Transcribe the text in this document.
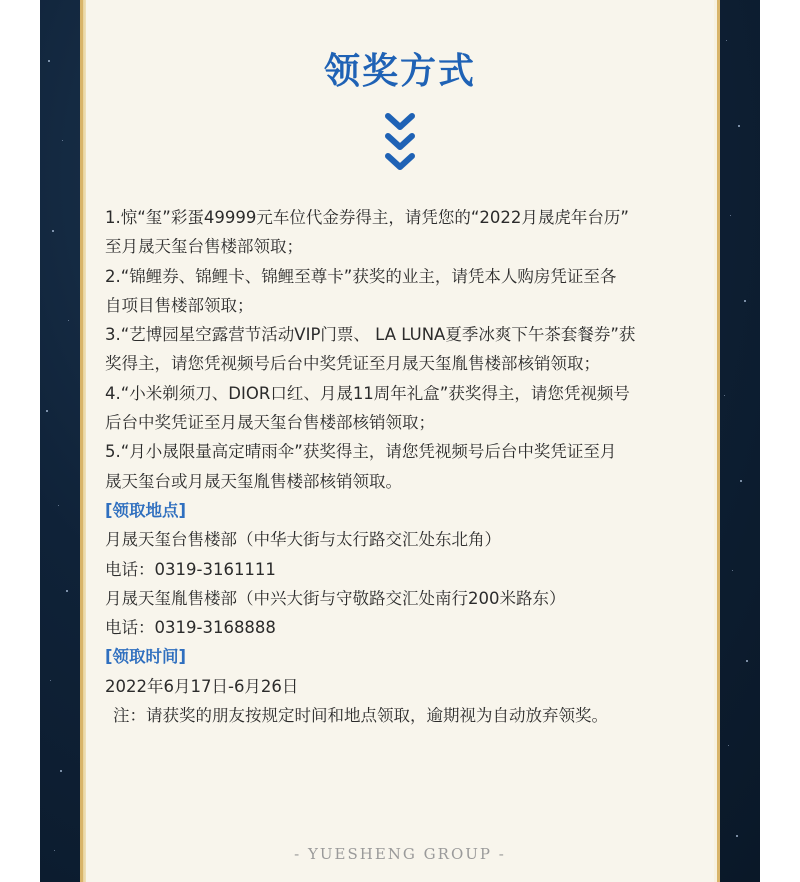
领奖方式
1.惊“玺”彩蛋49999元车位代金券得主，请凭您的“2022月晟虎年台历”
至月晟天玺台售楼部领取；
2.“锦鲤券、锦鲤卡、锦鲤至尊卡”获奖的业主，请凭本人购房凭证至各
自项目售楼部领取；
3.“艺博园星空露营节活动VIP门票、 LA LUNA夏季冰爽下午茶套餐券”获
奖得主，请您凭视频号后台中奖凭证至月晟天玺胤售楼部核销领取；
4.“小米剃须刀、DIOR口红、月晟11周年礼盒”获奖得主，请您凭视频号
后台中奖凭证至月晟天玺台售楼部核销领取；
5.“月小晟限量高定晴雨伞”获奖得主，请您凭视频号后台中奖凭证至月
晟天玺台或月晟天玺胤售楼部核销领取。
[领取地点]
月晟天玺台售楼部（中华大街与太行路交汇处东北角）
电话：0319-3161111
月晟天玺胤售楼部（中兴大街与守敬路交汇处南行200米路东）
电话：0319-3168888
[领取时间]
2022年6月17日-6月26日
注：请获奖的朋友按规定时间和地点领取，逾期视为自动放弃领奖。
- YUESHENG GROUP -
